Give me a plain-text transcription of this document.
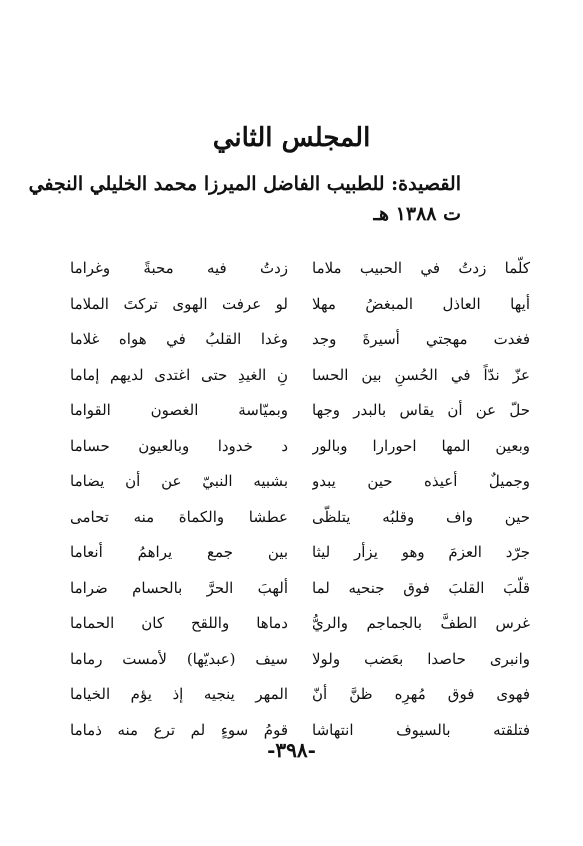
المجلس الثاني
القصيدة: للطبيب الفاضل الميرزا محمد الخليلي النجفي
ت ١٣٨٨ هـ
كلّما زدتُ في الحبيب ملاما
زدتُ فيه محبةً وغراما
أيها العاذل المبغضُ مهلا
لو عرفت الهوى تركتَ الملاما
فغدت مهجتي أسيرةَ وجد
وغدا القلبُ في هواه غلاما
عزّ ندّاً في الحُسنِ بين الحسا
نِ الغيدِ حتى اغتدى لديهم إماما
حلّ عن أن يقاس بالبدر وجها
وبميّاسة الغصون القواما
وبعين المها احورارا وبالور
د خدودا وبالعيون حساما
وجميلٌ أعيذه حين يبدو
بشبيه النبيّ عن أن يضاما
حين واف وقلبُه يتلظّى
عطشا والكماة منه تحامى
جرّد العزمَ وهو يزأر ليثا
بين جمع يراهمُ أنعاما
قلّبَ القلبَ فوق جنحيه لما
ألهبَ الحرَّ بالحسام ضراما
غرس الطفَّ بالجماجم والريُّ
دماها واللقح كان الحماما
وانبرى حاصدا بعَضب ولولا
سيف (عبديّها) لأمست رماما
فهوى فوق مُهرِه ظنَّ أنّ
المهر ينجيه إذ يؤم الخياما
فتلقته بالسيوف انتهاشا
قومُ سوءٍ لم ترع منه ذماما
-٣٩٨-
